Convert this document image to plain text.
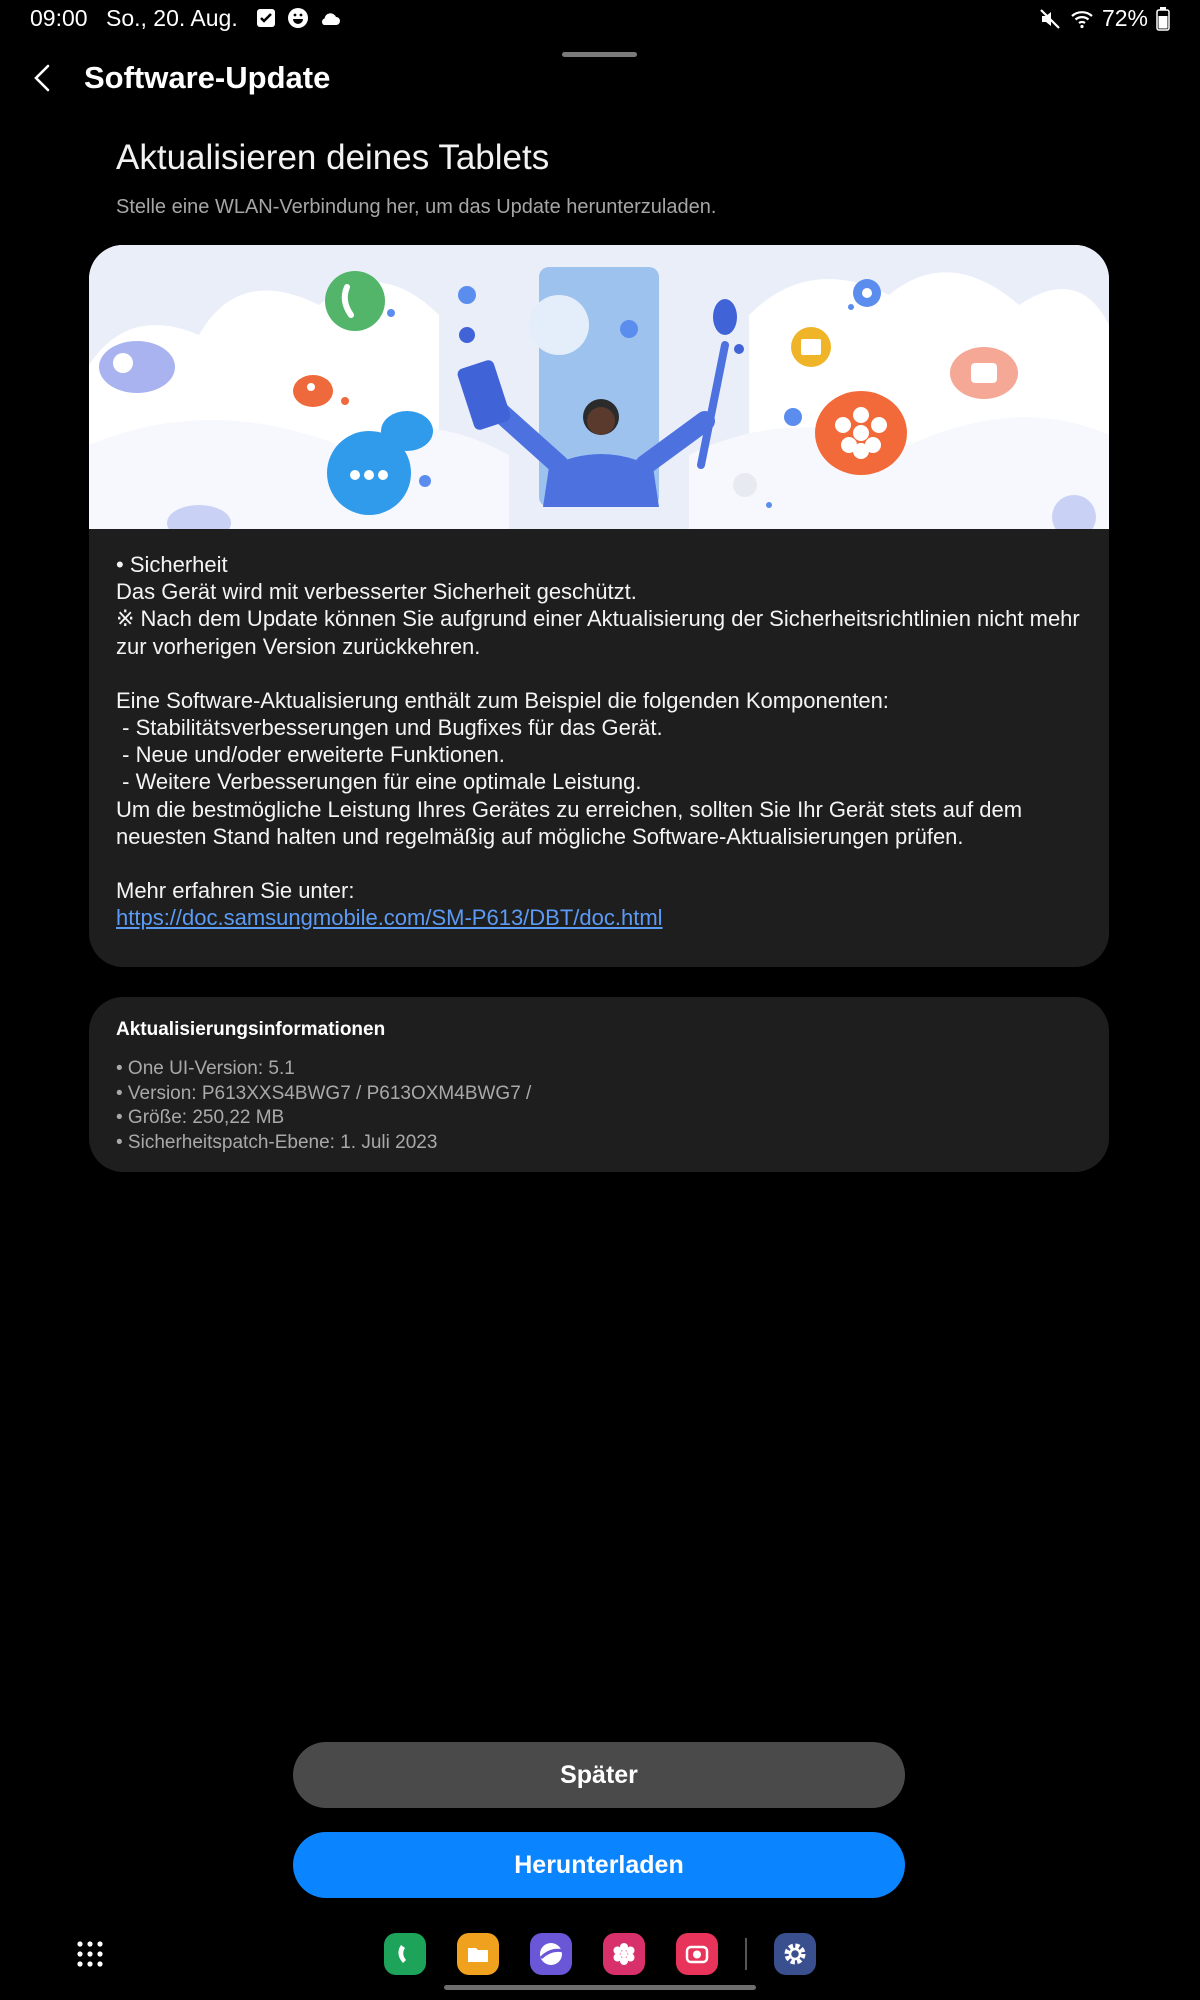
09:00 So., 20. Aug.	72%
Software-Update
Aktualisieren deines Tablets
Stelle eine WLAN-Verbindung her, um das Update herunterzuladen.

• Sicherheit

Das Gerät wird mit verbesserter Sicherheit geschützt.

※ Nach dem Update können Sie aufgrund einer Aktualisierung der Sicherheitsrichtlinien nicht mehr zur vorherigen Version zurückkehren.

Eine Software-Aktualisierung enthält zum Beispiel die folgenden Komponenten:

- Stabilitätsverbesserungen und Bugfixes für das Gerät.

- Neue und/oder erweiterte Funktionen.

- Weitere Verbesserungen für eine optimale Leistung.

Um die bestmögliche Leistung Ihres Gerätes zu erreichen, sollten Sie Ihr Gerät stets auf dem neuesten Stand halten und regelmäßig auf mögliche Software-Aktualisierungen prüfen.

Mehr erfahren Sie unter:

https://doc.samsungmobile.com/SM-P613/DBT/doc.html

Aktualisierungsinformationen
• One UI-Version: 5.1
• Version: P613XXS4BWG7 / P613OXM4BWG7 /
• Größe: 250,22 MB
• Sicherheitspatch-Ebene: 1. Juli 2023
Später
Herunterladen
